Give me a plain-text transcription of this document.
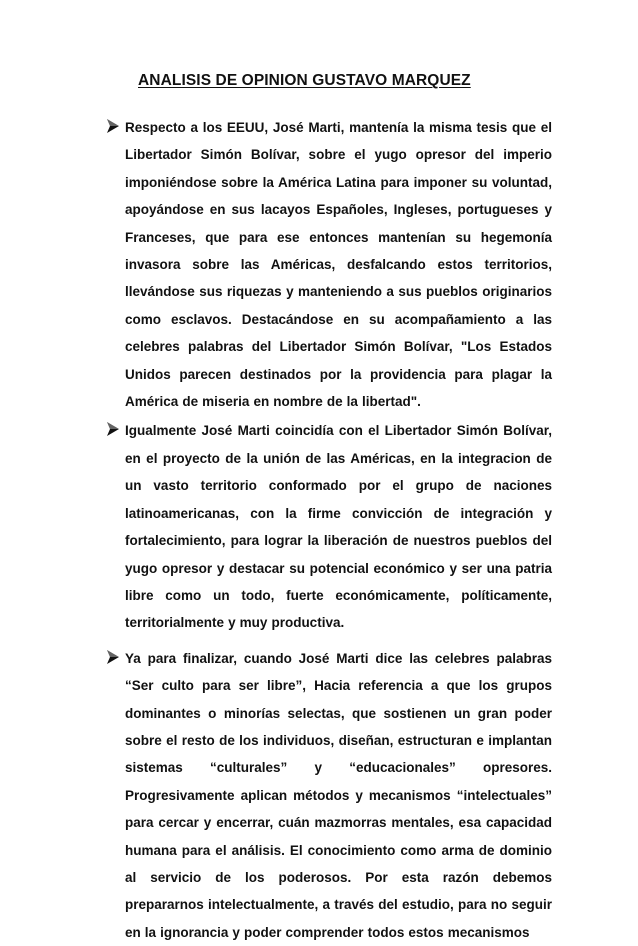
ANALISIS DE OPINION GUSTAVO MARQUEZ

Respecto a los EEUU, José Marti, mantenía la misma tesis que el Libertador Simón Bolívar, sobre el yugo opresor del imperio imponiéndose sobre la América Latina para imponer su voluntad, apoyándose en sus lacayos Españoles, Ingleses, portugueses y Franceses, que para ese entonces mantenían su hegemonía invasora sobre las Américas, desfalcando estos territorios, llevándose sus riquezas y manteniendo a sus pueblos originarios como esclavos. Destacándose en su acompañamiento a las celebres palabras del Libertador Simón Bolívar, "Los Estados Unidos parecen destinados por la providencia para plagar la América de miseria en nombre de la libertad".

Igualmente José Marti coincidía con el Libertador Simón Bolívar, en el proyecto de la unión de las Américas, en la integracion de un vasto territorio conformado por el grupo de naciones latinoamericanas, con la firme convicción de integración y fortalecimiento, para lograr la liberación de nuestros pueblos del yugo opresor y destacar su potencial económico y ser una patria libre como un todo, fuerte económicamente, políticamente, territorialmente y muy productiva.

Ya para finalizar, cuando José Marti dice las celebres palabras “Ser culto para ser libre”, Hacia referencia a que los grupos dominantes o minorías selectas, que sostienen un gran poder sobre el resto de los individuos, diseñan, estructuran e implantan sistemas “culturales” y “educacionales” opresores. Progresivamente aplican métodos y mecanismos “intelectuales” para cercar y encerrar, cuán mazmorras mentales, esa capacidad humana para el análisis. El conocimiento como arma de dominio al servicio de los poderosos. Por esta razón debemos prepararnos intelectualmente, a través del estudio, para no seguir en la ignorancia y poder comprender todos estos mecanismos
